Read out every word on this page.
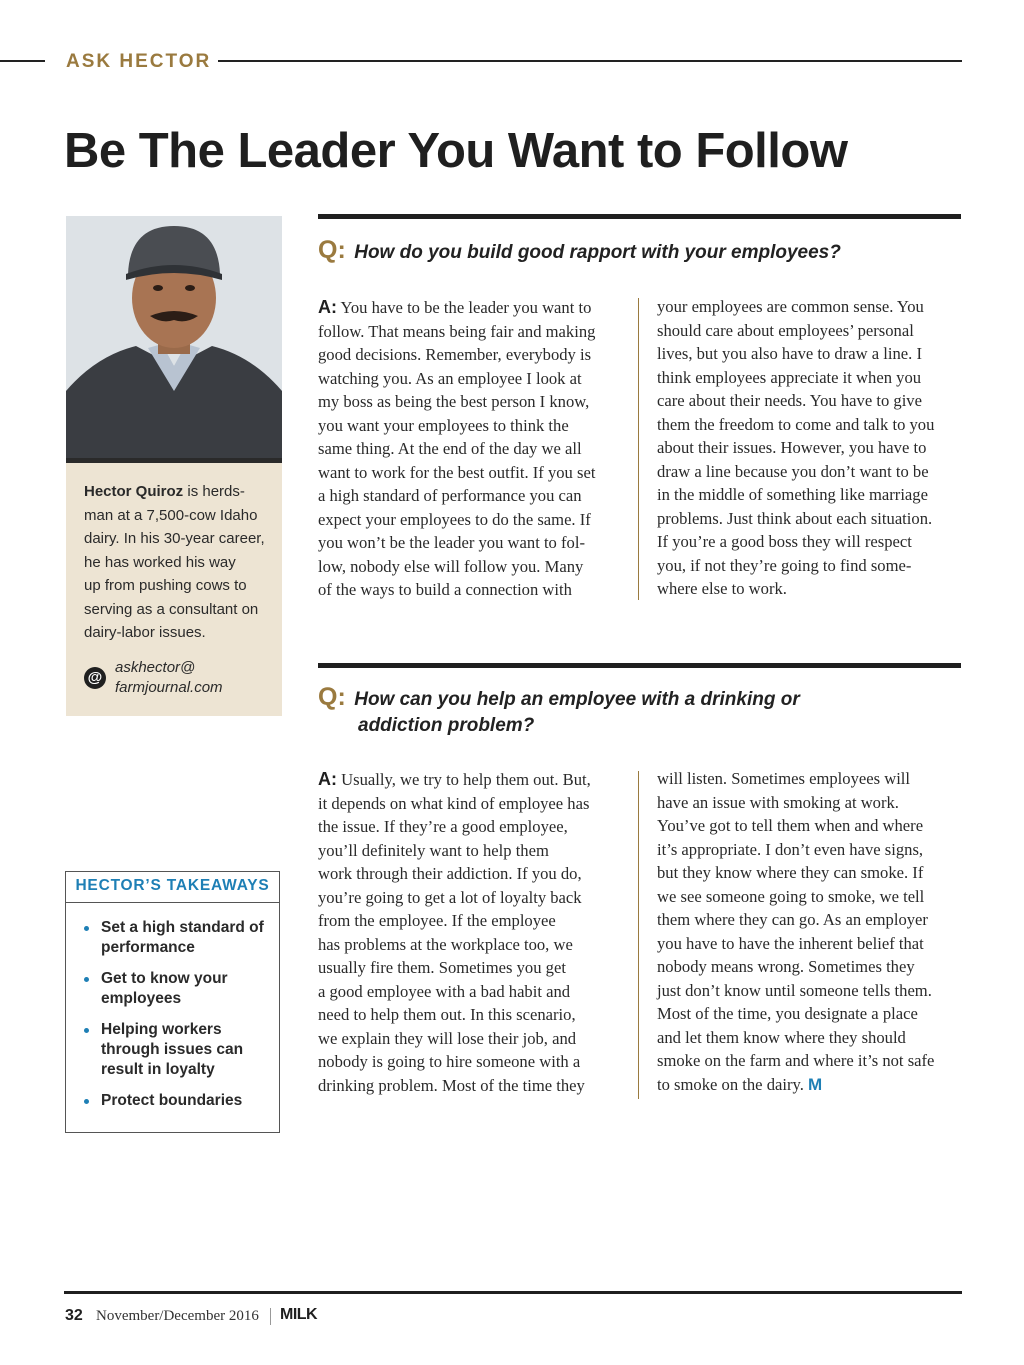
ASK HECTOR
Be The Leader You Want to Follow
Hector Quiroz is herds-
man at a 7,500-cow Idaho
dairy. In his 30-year career,
he has worked his way
up from pushing cows to
serving as a consultant on
dairy-labor issues.
@
askhector@
farmjournal.com
HECTOR’S TAKEAWAYS
Set a high standard of performance
Get to know your employees
Helping workers through issues can result in loyalty
Protect boundaries
Q: How do you build good rapport with your employees?
A: You have to be the leader you want to
follow. That means being fair and making
good decisions. Remember, everybody is
watching you. As an employee I look at
my boss as being the best person I know,
you want your employees to think the
same thing. At the end of the day we all
want to work for the best outfit. If you set
a high standard of performance you can
expect your employees to do the same. If
you won’t be the leader you want to fol-
low, nobody else will follow you. Many
of the ways to build a connection with
your employees are common sense. You
should care about employees’ personal
lives, but you also have to draw a line. I
think employees appreciate it when you
care about their needs. You have to give
them the freedom to come and talk to you
about their issues. However, you have to
draw a line because you don’t want to be
in the middle of something like marriage
problems. Just think about each situation.
If you’re a good boss they will respect
you, if not they’re going to find some-
where else to work.
Q: How can you help an employee with a drinking or
addiction problem?
A: Usually, we try to help them out. But,
it depends on what kind of employee has
the issue. If they’re a good employee,
you’ll definitely want to help them
work through their addiction. If you do,
you’re going to get a lot of loyalty back
from the employee. If the employee
has problems at the workplace too, we
usually fire them. Sometimes you get
a good employee with a bad habit and
need to help them out. In this scenario,
we explain they will lose their job, and
nobody is going to hire someone with a
drinking problem. Most of the time they
will listen. Sometimes employees will
have an issue with smoking at work.
You’ve got to tell them when and where
it’s appropriate. I don’t even have signs,
but they know where they can smoke. If
we see someone going to smoke, we tell
them where they can go. As an employer
you have to have the inherent belief that
nobody means wrong. Sometimes they
just don’t know until someone tells them.
Most of the time, you designate a place
and let them know where they should
smoke on the farm and where it’s not safe
to smoke on the dairy. M
32 November/December 2016 MILK
